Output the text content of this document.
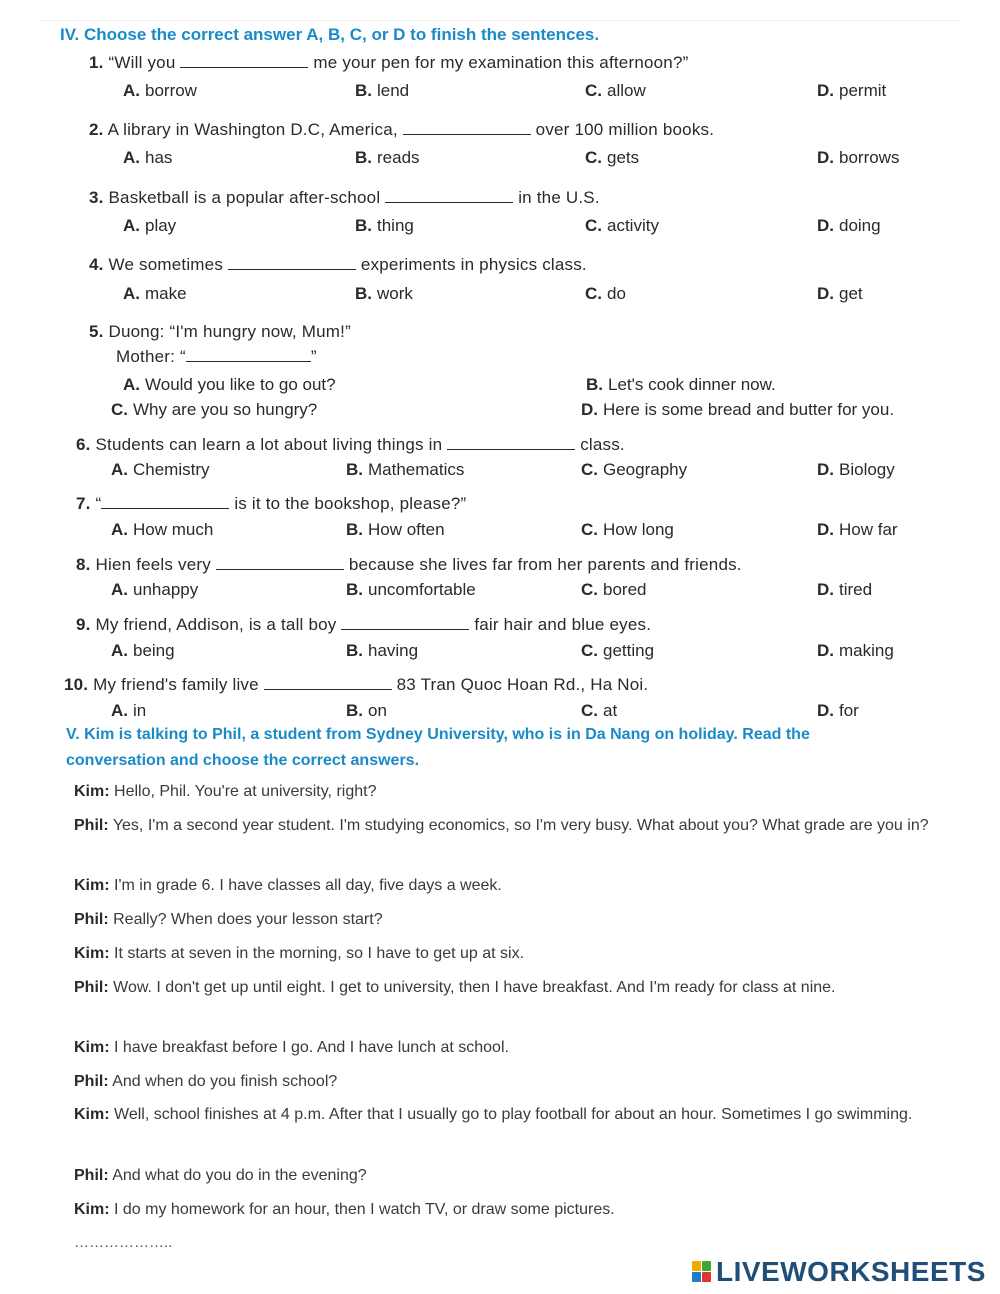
IV. Choose the correct answer A, B, C, or D to finish the sentences.
1. “Will you	me your pen for my examination this afternoon?”
A. borrow	B. lend	C. allow	D. permit
2. A library in Washington D.C, America,	over 100 million books.
A. has	B. reads	C. gets	D. borrows
3. Basketball is a popular after-school	in the U.S.
A. play	B. thing	C. activity	D. doing
4. We sometimes	experiments in physics class.
A. make	B. work	C. do	D. get
5. Duong: “I'm hungry now, Mum!”
Mother: “	”
A. Would you like to go out?	B. Let's cook dinner now.
C. Why are you so hungry?	D. Here is some bread and butter for you.
6. Students can learn a lot about living things in	class.
A. Chemistry	B. Mathematics	C. Geography	D. Biology
7. “	is it to the bookshop, please?”
A. How much	B. How often	C. How long	D. How far
8. Hien feels very	because she lives far from her parents and friends.
A. unhappy	B. uncomfortable	C. bored	D. tired
9. My friend, Addison, is a tall boy	fair hair and blue eyes.
A. being	B. having	C. getting	D. making
10. My friend's family live	83 Tran Quoc Hoan Rd., Ha Noi.
A. in	B. on	C. at	D. for
V. Kim is talking to Phil, a student from Sydney University, who is in Da Nang on holiday. Read the
conversation and choose the correct answers.
Kim: Hello, Phil. You're at university, right?
Phil: Yes, I'm a second year student. I'm studying economics, so I'm very busy. What about you? What grade are you in?
Kim: I'm in grade 6. I have classes all day, five days a week.
Phil: Really? When does your lesson start?
Kim: It starts at seven in the morning, so I have to get up at six.
Phil: Wow. I don't get up until eight. I get to university, then I have breakfast. And I'm ready for class at nine.
Kim: I have breakfast before I go. And I have lunch at school.
Phil: And when do you finish school?
Kim: Well, school finishes at 4 p.m. After that I usually go to play football for about an hour. Sometimes I go swimming.
Phil: And what do you do in the evening?
Kim: I do my homework for an hour, then I watch TV, or draw some pictures.
………………..
LIVEWORKSHEETS
